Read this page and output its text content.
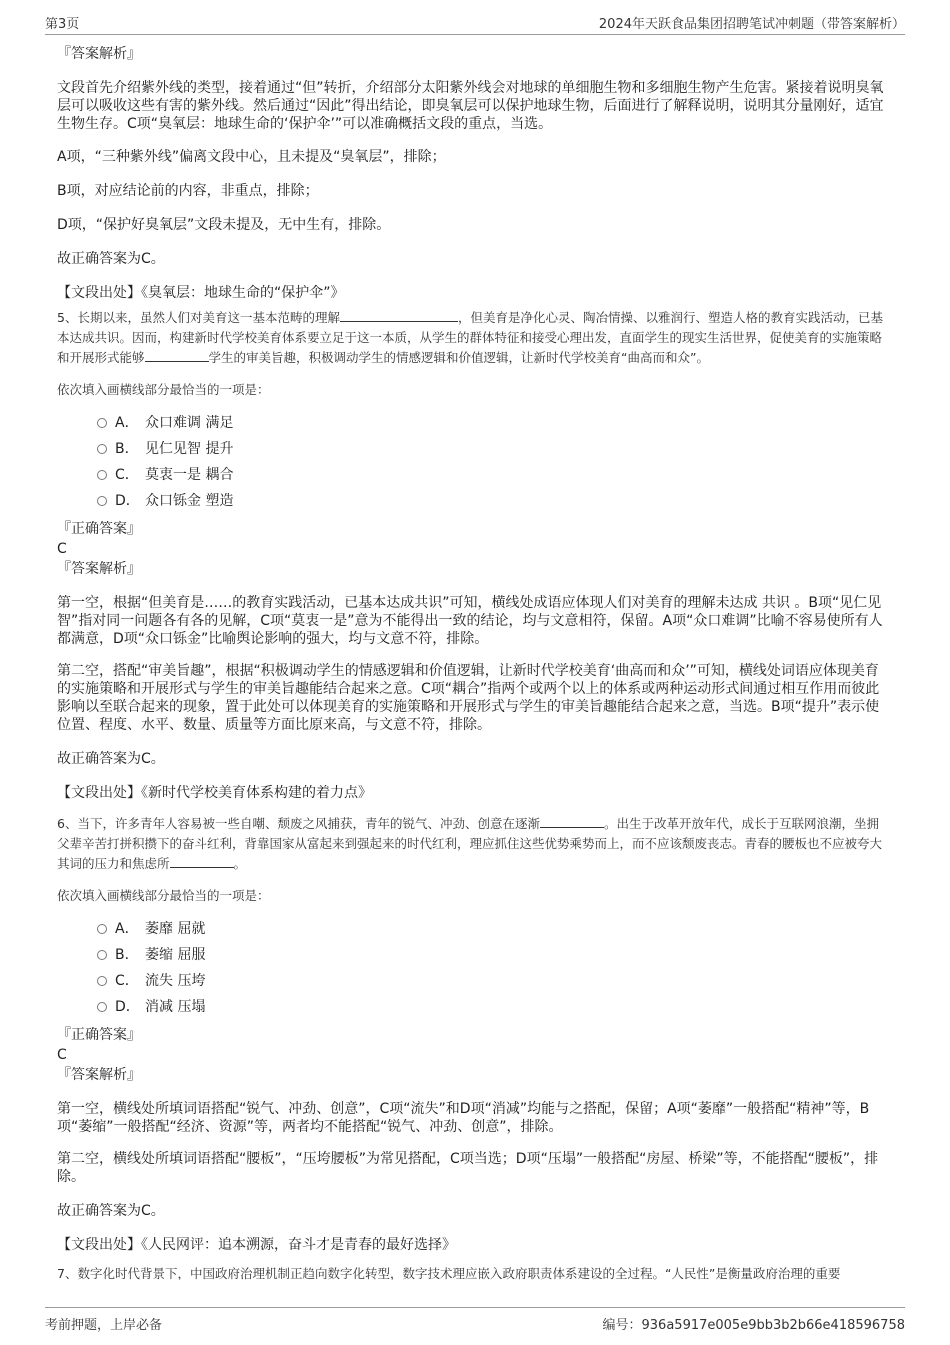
第3页	2024年天跃食品集团招聘笔试冲刺题（带答案解析）

『答案解析』

文段首先介绍紫外线的类型，接着通过“但”转折，介绍部分太阳紫外线会对地球的单细胞生物和多细胞生物产生危害。紧接着说明臭氧层可以吸收这些有害的紫外线。然后通过“因此”得出结论，即臭氧层可以保护地球生物，后面进行了解释说明，说明其分量刚好，适宜生物生存。C项“臭氧层：地球生命的‘保护伞’”可以准确概括文段的重点，当选。

A项，“三种紫外线”偏离文段中心，且未提及“臭氧层”，排除；

B项，对应结论前的内容，非重点，排除；

D项，“保护好臭氧层”文段未提及，无中生有，排除。

故正确答案为C。

【文段出处】《臭氧层：地球生命的“保护伞”》

5、长期以来，虽然人们对美育这一基本范畴的理解	，但美育是净化心灵、陶冶情操、以雅润行、塑造人格的教育实践活动，已基本达成共识。因而，构建新时代学校美育体系要立足于这一本质，从学生的群体特征和接受心理出发，直面学生的现实生活世界，促使美育的实施策略和开展形式能够	学生的审美旨趣，积极调动学生的情感逻辑和价值逻辑，让新时代学校美育“曲高而和众”。

依次填入画横线部分最恰当的一项是：

A． 众口难调 满足
B． 见仁见智 提升
C． 莫衷一是 耦合
D． 众口铄金 塑造

『正确答案』

C

『答案解析』

第一空，根据“但美育是……的教育实践活动，已基本达成共识”可知，横线处成语应体现人们对美育的理解未达成 共识 。B项“见仁见智”指对同一问题各有各的见解，C项“莫衷一是”意为不能得出一致的结论，均与文意相符，保留。A项“众口难调”比喻不容易使所有人都满意，D项“众口铄金”比喻舆论影响的强大，均与文意不符，排除。

第二空，搭配“审美旨趣”，根据“积极调动学生的情感逻辑和价值逻辑，让新时代学校美育‘曲高而和众’”可知，横线处词语应体现美育的实施策略和开展形式与学生的审美旨趣能结合起来之意。C项“耦合”指两个或两个以上的体系或两种运动形式间通过相互作用而彼此影响以至联合起来的现象，置于此处可以体现美育的实施策略和开展形式与学生的审美旨趣能结合起来之意，当选。B项“提升”表示使位置、程度、水平、数量、质量等方面比原来高，与文意不符，排除。

故正确答案为C。

【文段出处】《新时代学校美育体系构建的着力点》

6、当下，许多青年人容易被一些自嘲、颓废之风捕获，青年的锐气、冲劲、创意在逐渐	。出生于改革开放年代，成长于互联网浪潮，坐拥父辈辛苦打拼积攒下的奋斗红利，背靠国家从富起来到强起来的时代红利，理应抓住这些优势乘势而上，而不应该颓废丧志。青春的腰板也不应被夸大其词的压力和焦虑所	。

依次填入画横线部分最恰当的一项是：

A． 萎靡 屈就
B． 萎缩 屈服
C． 流失 压垮
D． 消减 压塌

『正确答案』

C

『答案解析』

第一空，横线处所填词语搭配“锐气、冲劲、创意”，C项“流失”和D项“消减”均能与之搭配，保留；A项“萎靡”一般搭配“精神”等，B项“萎缩”一般搭配“经济、资源”等，两者均不能搭配“锐气、冲劲、创意”，排除。

第二空，横线处所填词语搭配“腰板”，“压垮腰板”为常见搭配，C项当选；D项“压塌”一般搭配“房屋、桥梁”等，不能搭配“腰板”，排除。

故正确答案为C。

【文段出处】《人民网评：追本溯源，奋斗才是青春的最好选择》

7、数字化时代背景下，中国政府治理机制正趋向数字化转型，数字技术理应嵌入政府职责体系建设的全过程。“人民性”是衡量政府治理的重要

考前押题，上岸必备	编号：936a5917e005e9bb3b2b66e418596758
